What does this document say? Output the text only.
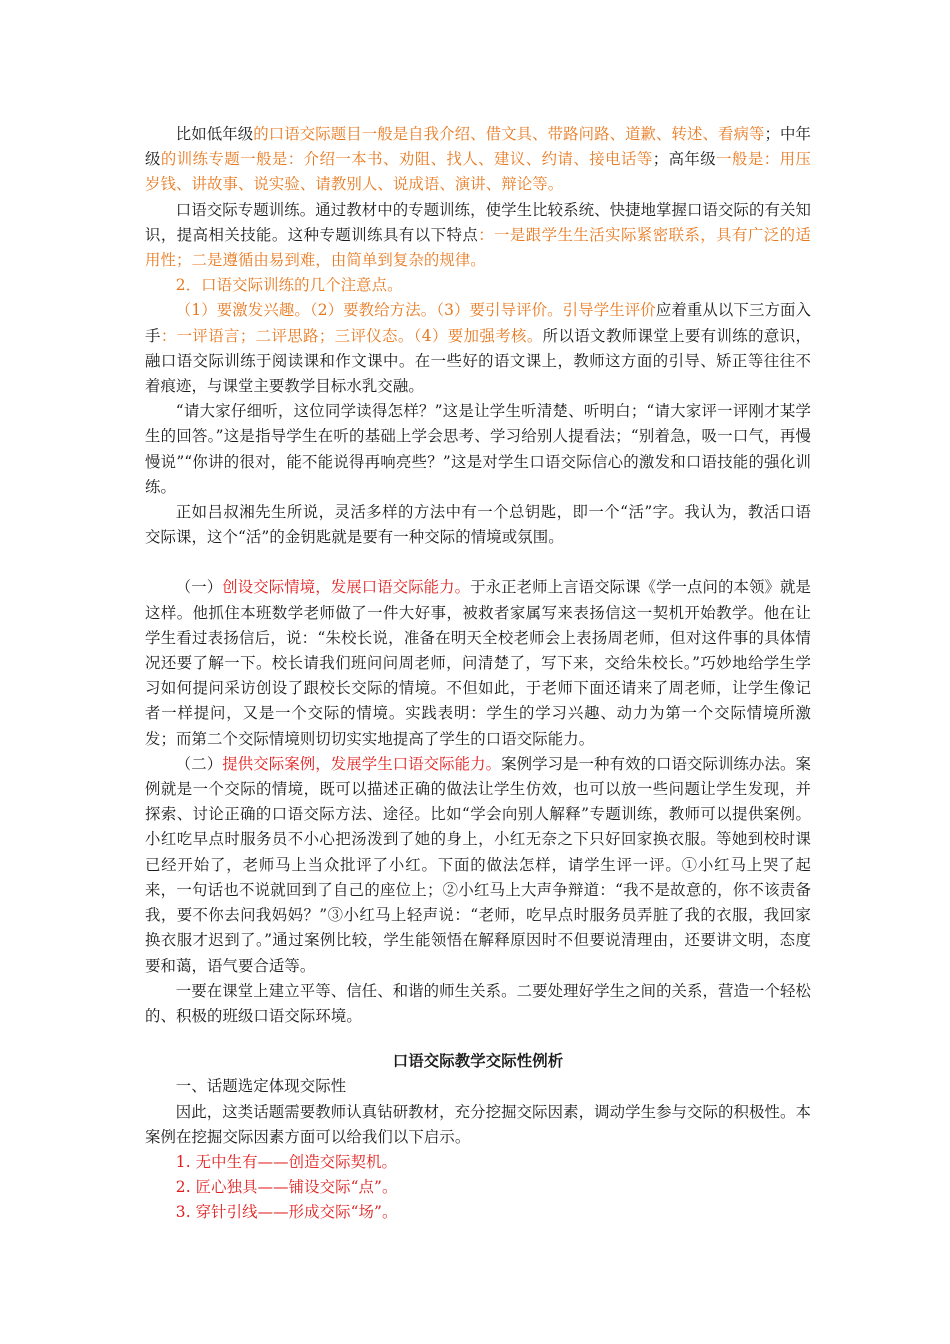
比如低年级的口语交际题目一般是自我介绍、借文具、带路问路、道歉、转述、看病等；中年级的训练专题一般是：介绍一本书、劝阻、找人、建议、约请、接电话等；高年级一般是：用压岁钱、讲故事、说实验、请教别人、说成语、演讲、辩论等。

口语交际专题训练。通过教材中的专题训练，使学生比较系统、快捷地掌握口语交际的有关知识，提高相关技能。这种专题训练具有以下特点：一是跟学生生活实际紧密联系，具有广泛的适用性；二是遵循由易到难，由简单到复杂的规律。

2．口语交际训练的几个注意点。

（1）要激发兴趣。（2）要教给方法。（3）要引导评价。引导学生评价应着重从以下三方面入手：一评语言；二评思路；三评仪态。（4）要加强考核。所以语文教师课堂上要有训练的意识，融口语交际训练于阅读课和作文课中。在一些好的语文课上，教师这方面的引导、矫正等往往不着痕迹，与课堂主要教学目标水乳交融。

“请大家仔细听，这位同学读得怎样？”这是让学生听清楚、听明白；“请大家评一评刚才某学生的回答。”这是指导学生在听的基础上学会思考、学习给别人提看法；“别着急，吸一口气，再慢慢说”“你讲的很对，能不能说得再响亮些？”这是对学生口语交际信心的激发和口语技能的强化训练。

正如吕叔湘先生所说，灵活多样的方法中有一个总钥匙，即一个“活”字。我认为，教活口语交际课，这个“活”的金钥匙就是要有一种交际的情境或氛围。

（一）创设交际情境，发展口语交际能力。于永正老师上言语交际课《学一点问的本领》就是这样。他抓住本班数学老师做了一件大好事，被救者家属写来表扬信这一契机开始教学。他在让学生看过表扬信后，说：“朱校长说，准备在明天全校老师会上表扬周老师，但对这件事的具体情况还要了解一下。校长请我们班问问周老师，问清楚了，写下来，交给朱校长。”巧妙地给学生学习如何提问采访创设了跟校长交际的情境。不但如此，于老师下面还请来了周老师，让学生像记者一样提问，又是一个交际的情境。实践表明：学生的学习兴趣、动力为第一个交际情境所激发；而第二个交际情境则切切实实地提高了学生的口语交际能力。

（二）提供交际案例，发展学生口语交际能力。案例学习是一种有效的口语交际训练办法。案例就是一个交际的情境，既可以描述正确的做法让学生仿效，也可以放一些问题让学生发现，并探索、讨论正确的口语交际方法、途径。比如“学会向别人解释”专题训练，教师可以提供案例。小红吃早点时服务员不小心把汤泼到了她的身上，小红无奈之下只好回家换衣服。等她到校时课已经开始了，老师马上当众批评了小红。下面的做法怎样，请学生评一评。①小红马上哭了起来，一句话也不说就回到了自己的座位上；②小红马上大声争辩道：“我不是故意的，你不该责备我，要不你去问我妈妈？”③小红马上轻声说：“老师，吃早点时服务员弄脏了我的衣服，我回家换衣服才迟到了。”通过案例比较，学生能领悟在解释原因时不但要说清理由，还要讲文明，态度要和蔼，语气要合适等。

一要在课堂上建立平等、信任、和谐的师生关系。二要处理好学生之间的关系，营造一个轻松的、积极的班级口语交际环境。

口语交际教学交际性例析

一、话题选定体现交际性

因此，这类话题需要教师认真钻研教材，充分挖掘交际因素，调动学生参与交际的积极性。本案例在挖掘交际因素方面可以给我们以下启示。

1. 无中生有——创造交际契机。

2. 匠心独具——铺设交际“点”。

3. 穿针引线——形成交际“场”。
